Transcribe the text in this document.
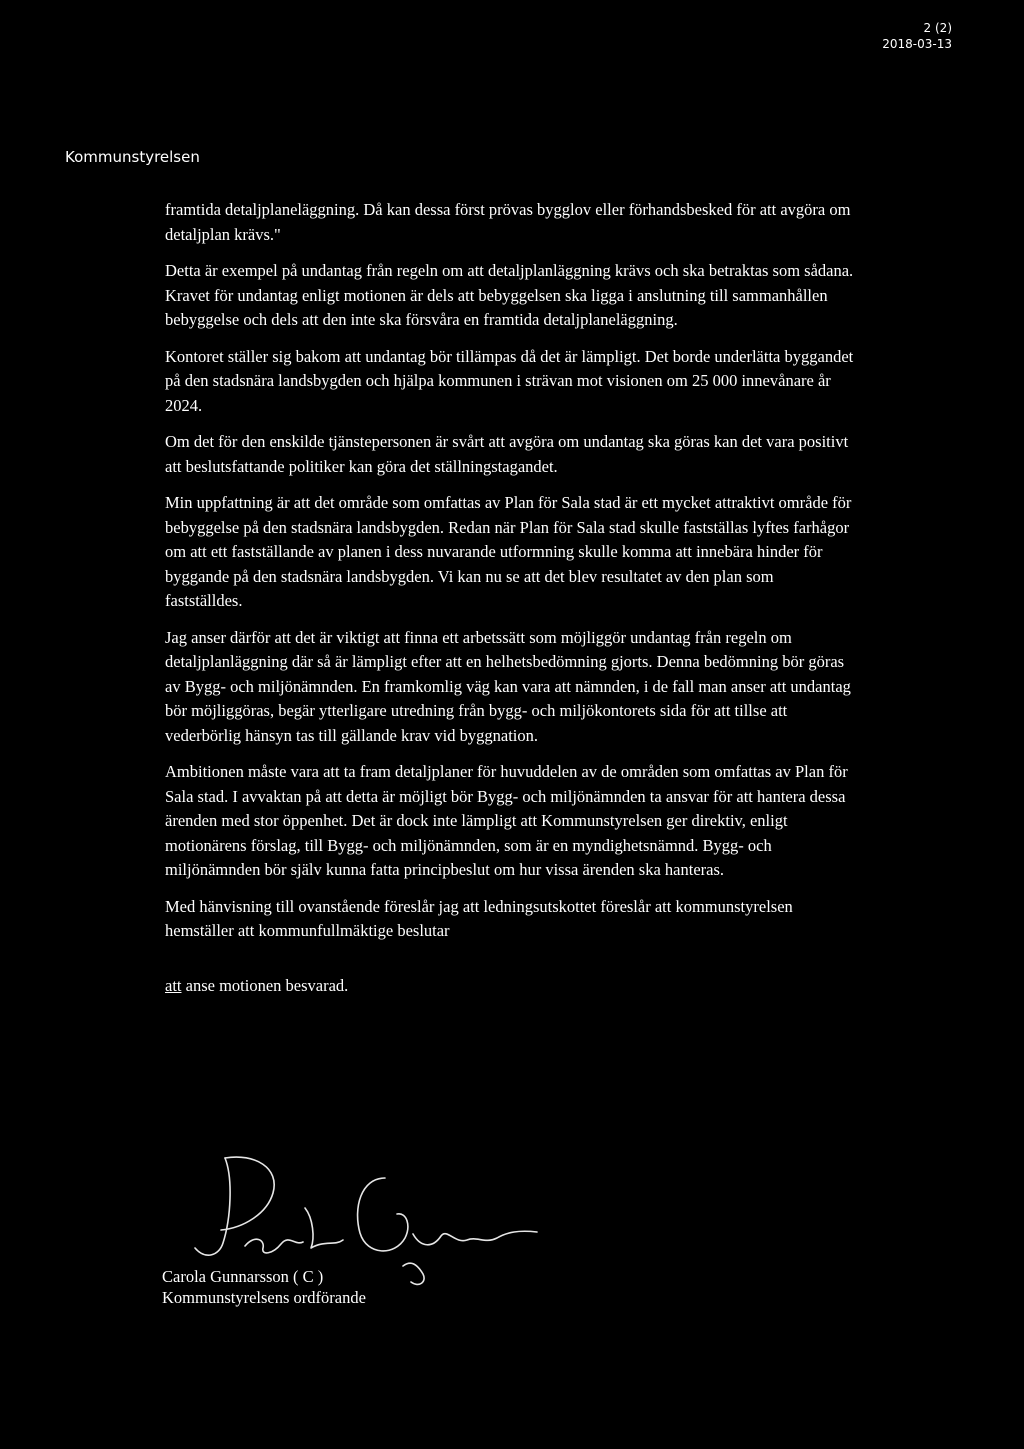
2 (2)
2018-03-13
Kommunstyrelsen

framtida detaljplaneläggning. Då kan dessa först prövas bygglov eller förhandsbesked för att avgöra om detaljplan krävs."

Detta är exempel på undantag från regeln om att detaljplanläggning krävs och ska betraktas som sådana. Kravet för undantag enligt motionen är dels att bebyggelsen ska ligga i anslutning till sammanhållen bebyggelse och dels att den inte ska försvåra en framtida detaljplaneläggning.

Kontoret ställer sig bakom att undantag bör tillämpas då det är lämpligt. Det borde underlätta byggandet på den stadsnära landsbygden och hjälpa kommunen i strävan mot visionen om 25 000 innevånare år 2024.

Om det för den enskilde tjänstepersonen är svårt att avgöra om undantag ska göras kan det vara positivt att beslutsfattande politiker kan göra det ställningstagandet.

Min uppfattning är att det område som omfattas av Plan för Sala stad är ett mycket attraktivt område för bebyggelse på den stadsnära landsbygden. Redan när Plan för Sala stad skulle fastställas lyftes farhågor om att ett fastställande av planen i dess nuvarande utformning skulle komma att innebära hinder för byggande på den stadsnära landsbygden. Vi kan nu se att det blev resultatet av den plan som fastställdes.

Jag anser därför att det är viktigt att finna ett arbetssätt som möjliggör undantag från regeln om detaljplanläggning där så är lämpligt efter att en helhetsbedömning gjorts. Denna bedömning bör göras av Bygg- och miljönämnden. En framkomlig väg kan vara att nämnden, i de fall man anser att undantag bör möjliggöras, begär ytterligare utredning från bygg- och miljökontorets sida för att tillse att vederbörlig hänsyn tas till gällande krav vid byggnation.

Ambitionen måste vara att ta fram detaljplaner för huvuddelen av de områden som omfattas av Plan för Sala stad. I avvaktan på att detta är möjligt bör Bygg- och miljönämnden ta ansvar för att hantera dessa ärenden med stor öppenhet. Det är dock inte lämpligt att Kommunstyrelsen ger direktiv, enligt motionärens förslag, till Bygg- och miljönämnden, som är en myndighetsnämnd. Bygg- och miljönämnden bör själv kunna fatta principbeslut om hur vissa ärenden ska hanteras.

Med hänvisning till ovanstående föreslår jag att ledningsutskottet föreslår att kommunstyrelsen hemställer att kommunfullmäktige beslutar

att anse motionen besvarad.

Carola Gunnarsson ( C )
Kommunstyrelsens ordförande
